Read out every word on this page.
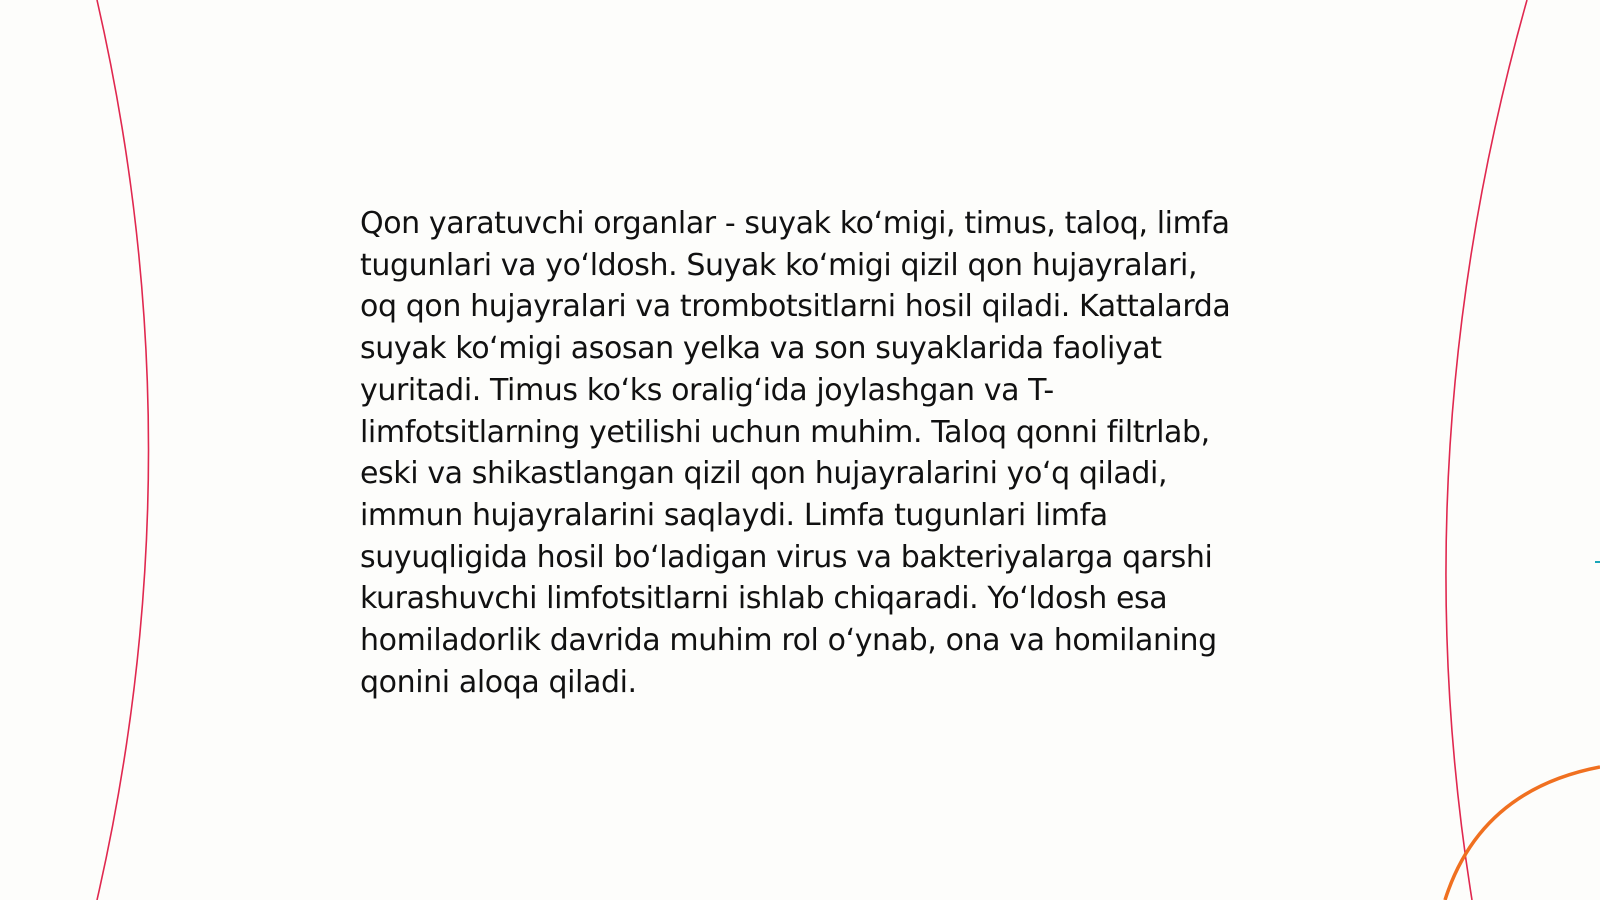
Qon yaratuvchi organlar - suyak ko‘migi, timus, taloq, limfa tugunlari va yo‘ldosh. Suyak ko‘migi qizil qon hujayralari, oq qon hujayralari va trombotsitlarni hosil qiladi. Kattalarda suyak ko‘migi asosan yelka va son suyaklarida faoliyat yuritadi. Timus ko‘ks oralig‘ida joylashgan va T-limfotsitlarning yetilishi uchun muhim. Taloq qonni filtrlab, eski va shikastlangan qizil qon hujayralarini yo‘q qiladi, immun hujayralarini saqlaydi. Limfa tugunlari limfa suyuqligida hosil bo‘ladigan virus va bakteriyalarga qarshi kurashuvchi limfotsitlarni ishlab chiqaradi. Yo‘ldosh esa homiladorlik davrida muhim rol o‘ynab, ona va homilaning qonini aloqa qiladi.
